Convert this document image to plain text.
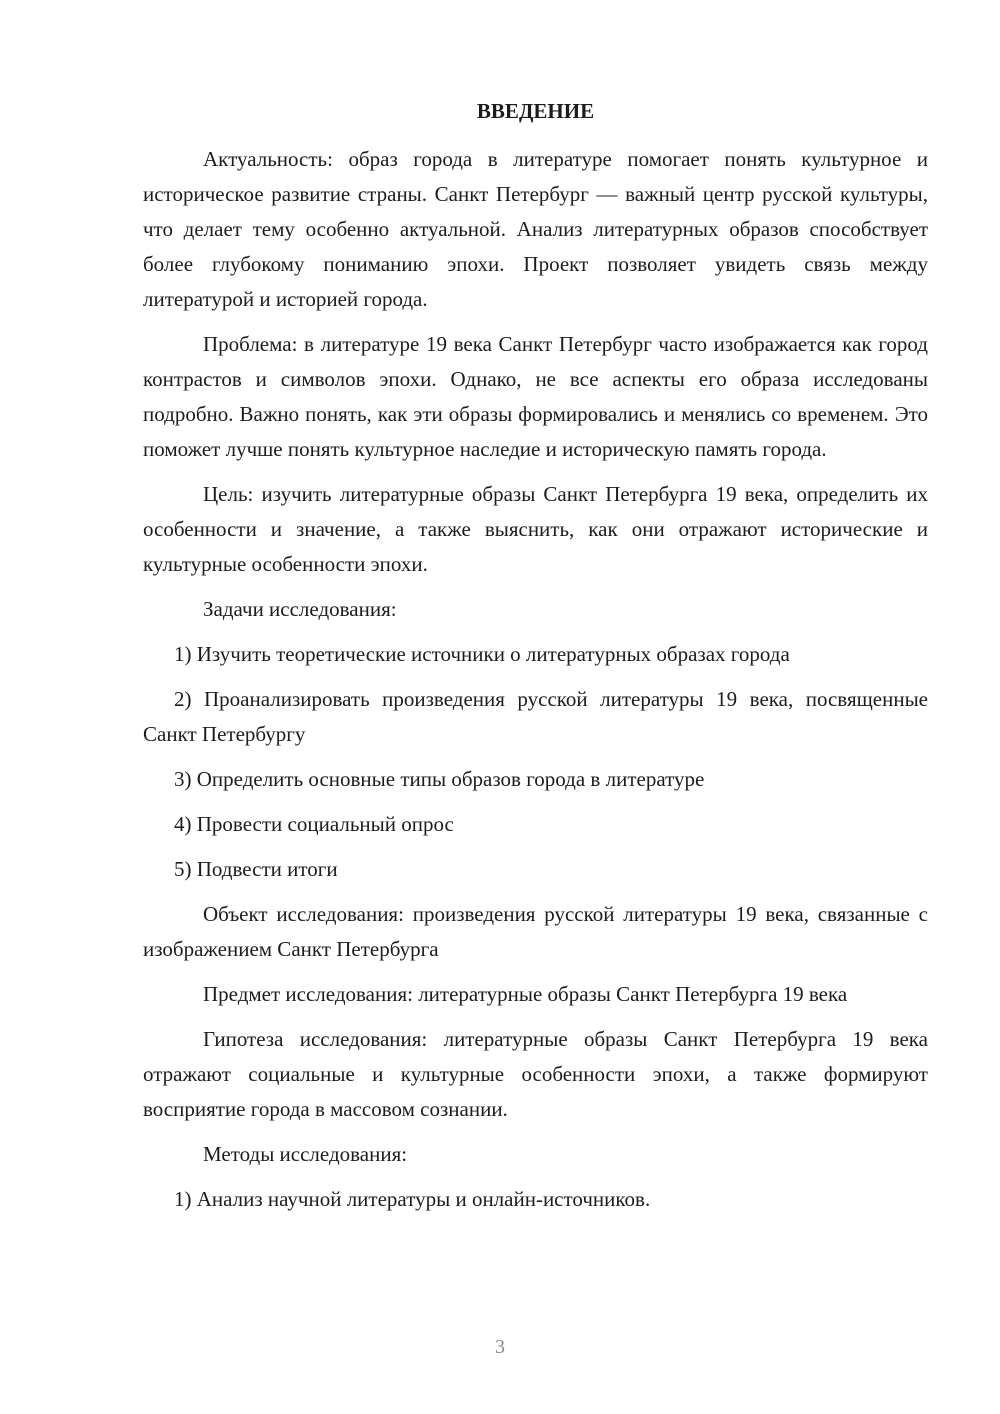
ВВЕДЕНИЕ

Актуальность: образ города в литературе помогает понять культурное и историческое развитие страны. Санкт Петербург — важный центр русской культуры, что делает тему особенно актуальной. Анализ литературных образов способствует более глубокому пониманию эпохи. Проект позволяет увидеть связь между литературой и историей города.

Проблема: в литературе 19 века Санкт Петербург часто изображается как город контрастов и символов эпохи. Однако, не все аспекты его образа исследованы подробно. Важно понять, как эти образы формировались и менялись со временем. Это поможет лучше понять культурное наследие и историческую память города.

Цель: изучить литературные образы Санкт Петербурга 19 века, определить их особенности и значение, а также выяснить, как они отражают исторические и культурные особенности эпохи.

Задачи исследования:

1) Изучить теоретические источники о литературных образах города

2) Проанализировать произведения русской литературы 19 века, посвященные Санкт Петербургу

3) Определить основные типы образов города в литературе

4) Провести социальный опрос

5) Подвести итоги

Объект исследования: произведения русской литературы 19 века, связанные с изображением Санкт Петербурга

Предмет исследования: литературные образы Санкт Петербурга 19 века

Гипотеза исследования: литературные образы Санкт Петербурга 19 века отражают социальные и культурные особенности эпохи, а также формируют восприятие города в массовом сознании.

Методы исследования:

1) Анализ научной литературы и онлайн-источников.

3
